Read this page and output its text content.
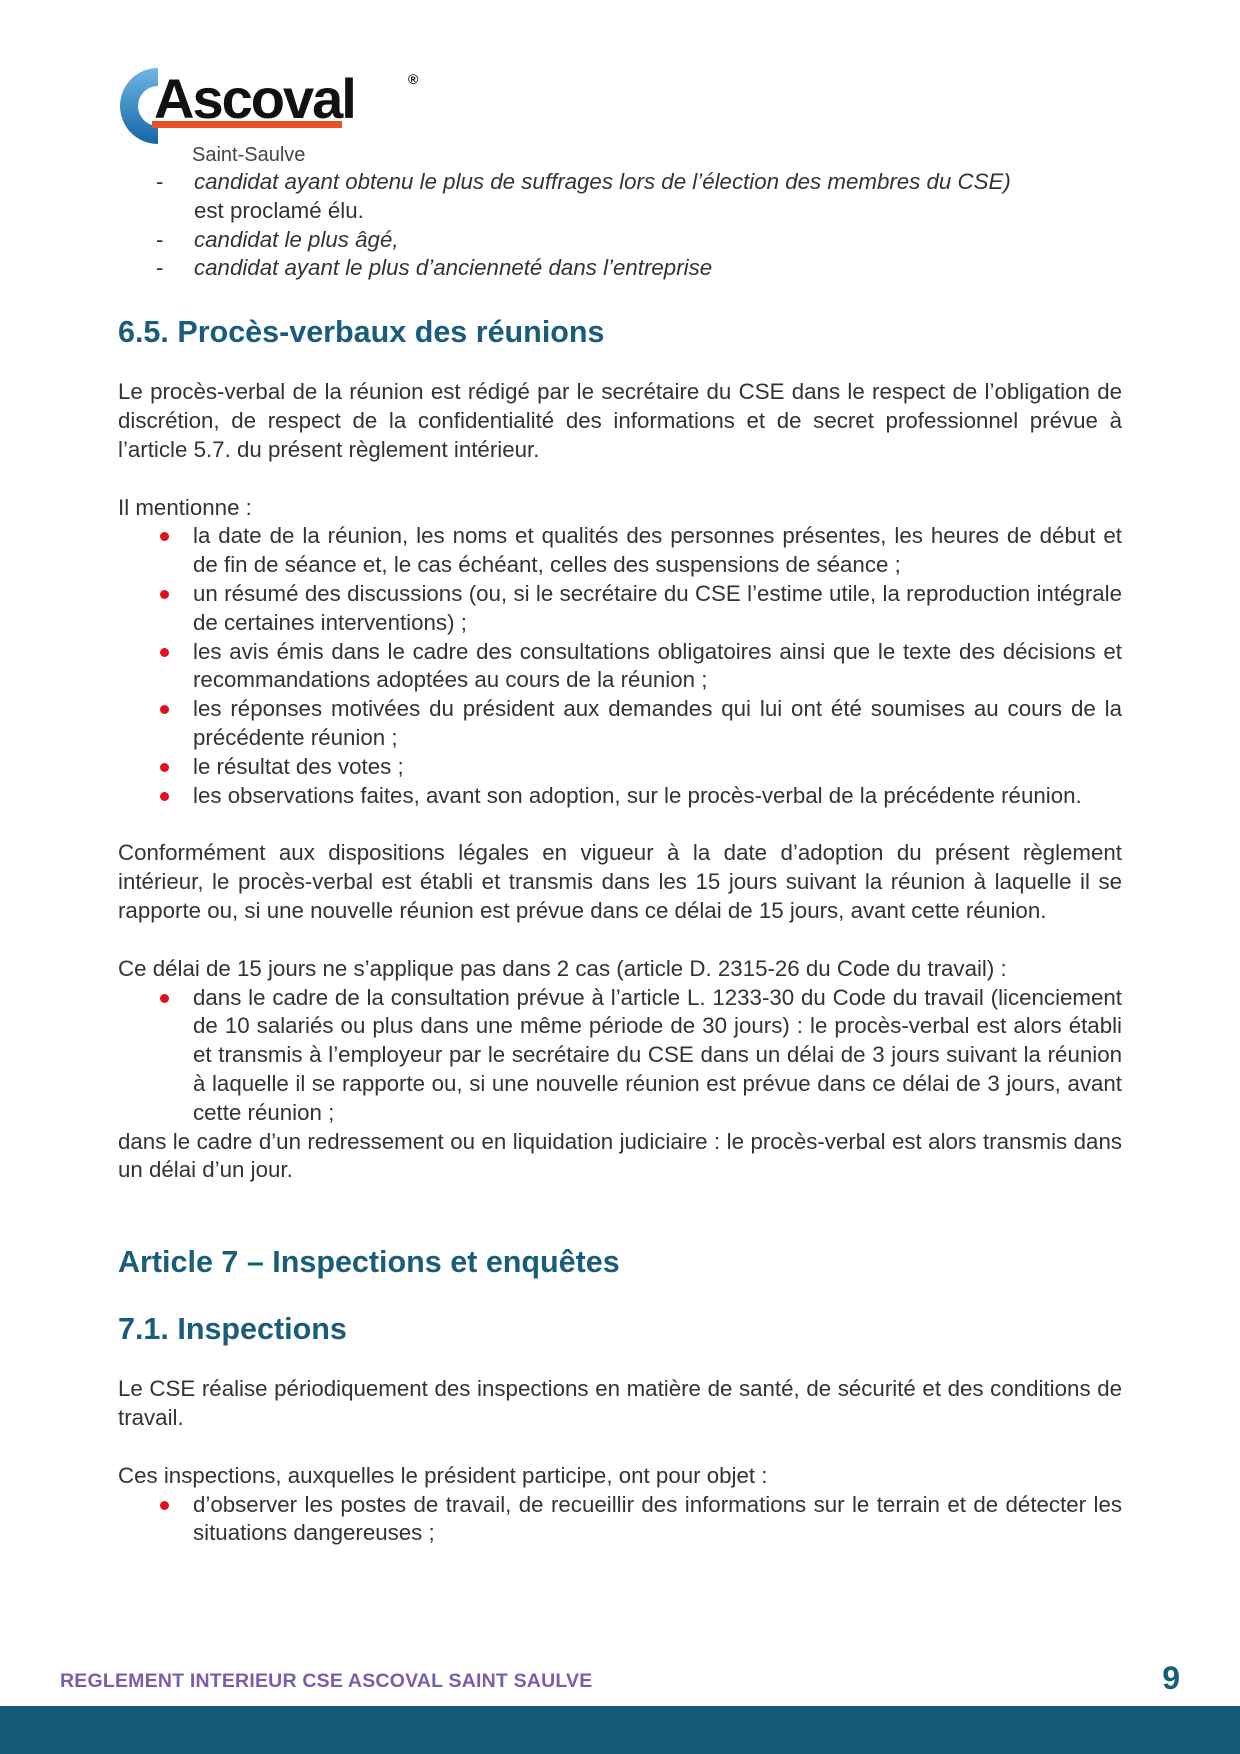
Ascoval	®
Saint-Saulve
- candidat ayant obtenu le plus de suffrages lors de l’élection des membres du CSE)
est proclamé élu.
- candidat le plus âgé,
- candidat ayant le plus d’ancienneté dans l’entreprise
6.5. Procès-verbaux des réunions

Le procès-verbal de la réunion est rédigé par le secrétaire du CSE dans le respect de l’obligation de discrétion, de respect de la confidentialité des informations et de secret professionnel prévue à l’article 5.7. du présent règlement intérieur.

Il mentionne :

la date de la réunion, les noms et qualités des personnes présentes, les heures de début et de fin de séance et, le cas échéant, celles des suspensions de séance ;
un résumé des discussions (ou, si le secrétaire du CSE l’estime utile, la reproduction intégrale de certaines interventions) ;
les avis émis dans le cadre des consultations obligatoires ainsi que le texte des décisions et recommandations adoptées au cours de la réunion ;
les réponses motivées du président aux demandes qui lui ont été soumises au cours de la précédente réunion ;
le résultat des votes ;
les observations faites, avant son adoption, sur le procès-verbal de la précédente réunion.

Conformément aux dispositions légales en vigueur à la date d’adoption du présent règlement intérieur, le procès-verbal est établi et transmis dans les 15 jours suivant la réunion à laquelle il se rapporte ou, si une nouvelle réunion est prévue dans ce délai de 15 jours, avant cette réunion.

Ce délai de 15 jours ne s’applique pas dans 2 cas (article D. 2315-26 du Code du travail) :

dans le cadre de la consultation prévue à l’article L. 1233-30 du Code du travail (licenciement de 10 salariés ou plus dans une même période de 30 jours) : le procès-verbal est alors établi et transmis à l’employeur par le secrétaire du CSE dans un délai de 3 jours suivant la réunion à laquelle il se rapporte ou, si une nouvelle réunion est prévue dans ce délai de 3 jours, avant cette réunion ;

dans le cadre d’un redressement ou en liquidation judiciaire : le procès-verbal est alors transmis dans un délai d’un jour.

Article 7 – Inspections et enquêtes
7.1. Inspections

Le CSE réalise périodiquement des inspections en matière de santé, de sécurité et des conditions de travail.

Ces inspections, auxquelles le président participe, ont pour objet :

d’observer les postes de travail, de recueillir des informations sur le terrain et de détecter les situations dangereuses ;
REGLEMENT INTERIEUR CSE ASCOVAL SAINT SAULVE	9
